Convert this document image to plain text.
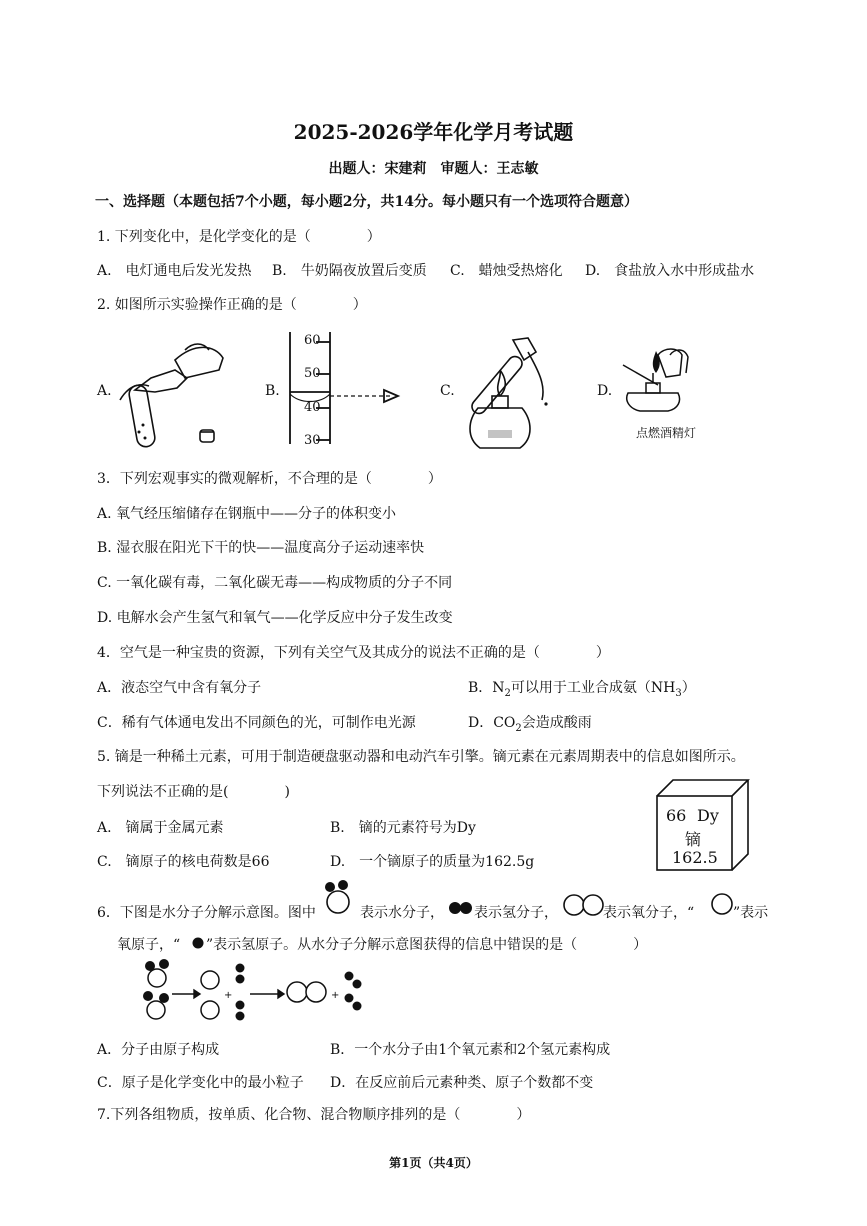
2025-2026学年化学月考试题
出题人：宋建莉　审题人：王志敏
一、选择题（本题包括7个小题，每小题2分，共14分。每小题只有一个选项符合题意）
1. 下列变化中，是化学变化的是（　　　　）
A.　电灯通电后发光发热 B.　牛奶隔夜放置后变质 C.　蜡烛受热熔化 D.　食盐放入水中形成盐水
2. 如图所示实验操作正确的是（　　　　）
A.	B.	C.	D.
60
50
40
30	点燃酒精灯
3．下列宏观事实的微观解析，不合理的是（　　　　）
A. 氧气经压缩储存在钢瓶中——分子的体积变小
B. 湿衣服在阳光下干的快——温度高分子运动速率快
C. 一氧化碳有毒，二氧化碳无毒——构成物质的分子不同
D. 电解水会产生氢气和氧气——化学反应中分子发生改变
4．空气是一种宝贵的资源，下列有关空气及其成分的说法不正确的是（　　　　）
A．液态空气中含有氧分子	B．$N_2$可以用于工业合成氨$(NH_3)$
C．稀有气体通电发出不同颜色的光，可制作电光源	D．$CO_2$会造成酸雨
5. 镝是一种稀土元素，可用于制造硬盘驱动器和电动汽车引擎。镝元素在元素周期表中的信息如图所示。
下列说法不正确的是(　　　　)
A.　镝属于金属元素	B.　镝的元素符号为Dy
C.　镝原子的核电荷数是66	D.　一个镝原子的质量为162.5g
66 Dy
镝
162.5
6．下图是水分子分解示意图。图中	表示水分子， 表示氢分子，	表示氧分子，“	”表示
氧原子，“ ”表示氢原子。从水分子分解示意图获得的信息中错误的是（　　　　）
+	+
A．分子由原子构成	B．一个水分子由1个氧元素和2个氢元素构成
C．原子是化学变化中的最小粒子 D．在反应前后元素种类、原子个数都不变
7.下列各组物质，按单质、化合物、混合物顺序排列的是（　　　　）
第1页（共4页）
